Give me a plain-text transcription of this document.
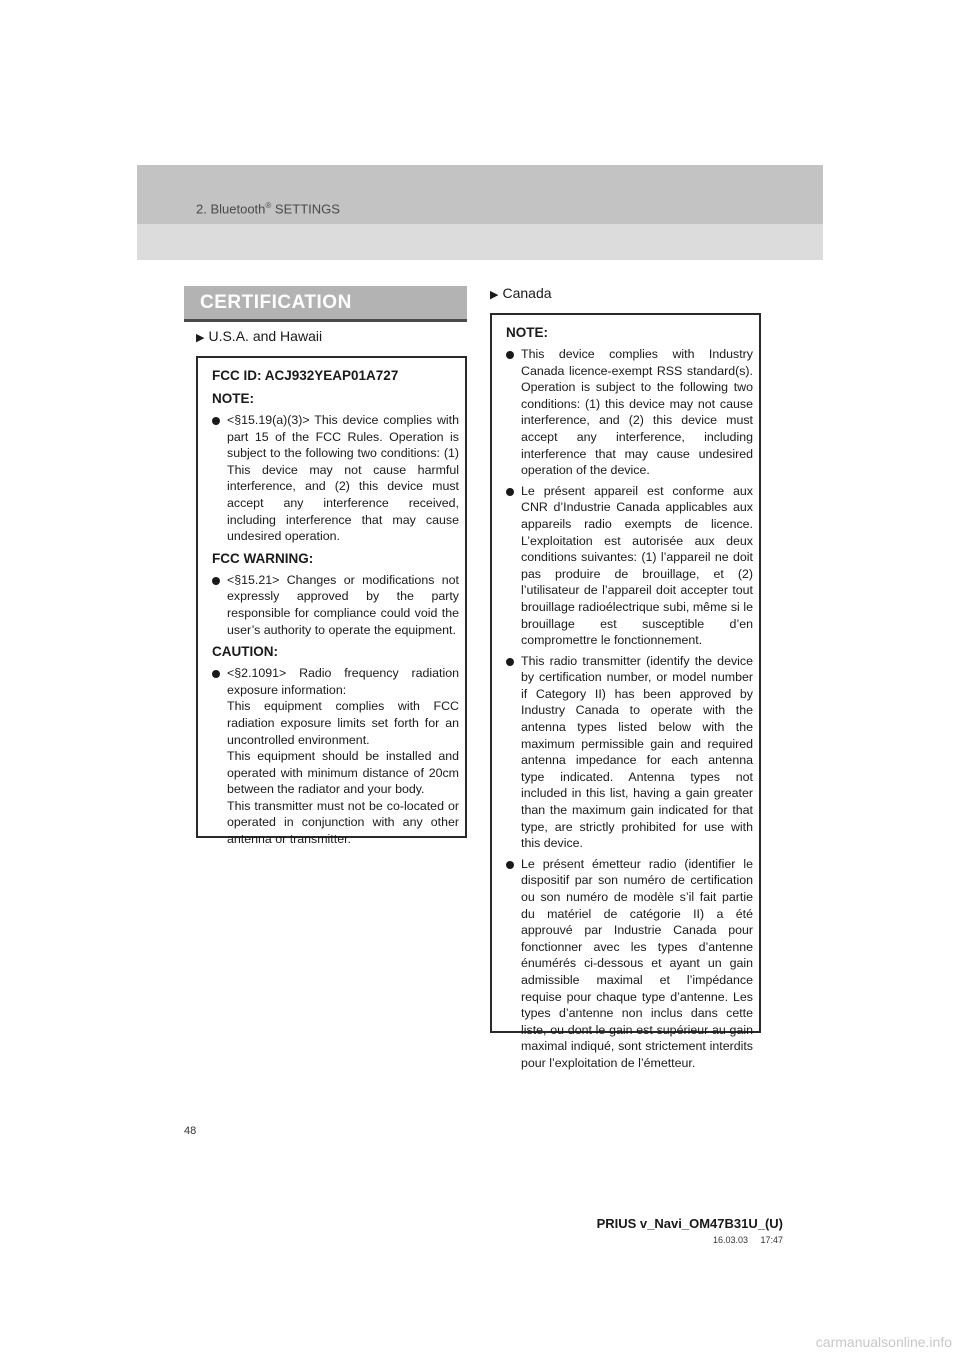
2. Bluetooth® SETTINGS
CERTIFICATION
▶ U.S.A. and Hawaii
FCC ID: ACJ932YEAP01A727
NOTE:

<§15.19(a)(3)> This device complies with part 15 of the FCC Rules. Operation is subject to the following two conditions: (1) This device may not cause harmful interference, and (2) this device must accept any interference received, including interference that may cause undesired operation.

FCC WARNING:

<§15.21> Changes or modifications not expressly approved by the party responsible for compliance could void the user’s authority to operate the equipment.

CAUTION:

<§2.1091> Radio frequency radiation exposure information:

This equipment complies with FCC radiation exposure limits set forth for an uncontrolled environment.

This equipment should be installed and operated with minimum distance of 20cm between the radiator and your body.

This transmitter must not be co-located or operated in conjunction with any other antenna or transmitter.

▶ Canada
NOTE:

This device complies with Industry Canada licence-exempt RSS standard(s). Operation is subject to the following two conditions: (1) this device may not cause interference, and (2) this device must accept any interference, including interference that may cause undesired operation of the device.

Le présent appareil est conforme aux CNR d’Industrie Canada applicables aux appareils radio exempts de licence. L’exploitation est autorisée aux deux conditions suivantes: (1) l’appareil ne doit pas produire de brouillage, et (2) l’utilisateur de l’appareil doit accepter tout brouillage radioélectrique subi, même si le brouillage est susceptible d’en compromettre le fonctionnement.

This radio transmitter (identify the device by certification number, or model number if Category II) has been approved by Industry Canada to operate with the antenna types listed below with the maximum permissible gain and required antenna impedance for each antenna type indicated. Antenna types not included in this list, having a gain greater than the maximum gain indicated for that type, are strictly prohibited for use with this device.

Le présent émetteur radio (identifier le dispositif par son numéro de certification ou son numéro de modèle s’il fait partie du matériel de catégorie II) a été approuvé par Industrie Canada pour fonctionner avec les types d’antenne énumérés ci-dessous et ayant un gain admissible maximal et l’impédance requise pour chaque type d’antenne. Les types d’antenne non inclus dans cette liste, ou dont le gain est supérieur au gain maximal indiqué, sont strictement interdits pour l’exploitation de l’émetteur.

48
PRIUS v_Navi_OM47B31U_(U)
16.03.03     17:47
carmanualsonline.info
